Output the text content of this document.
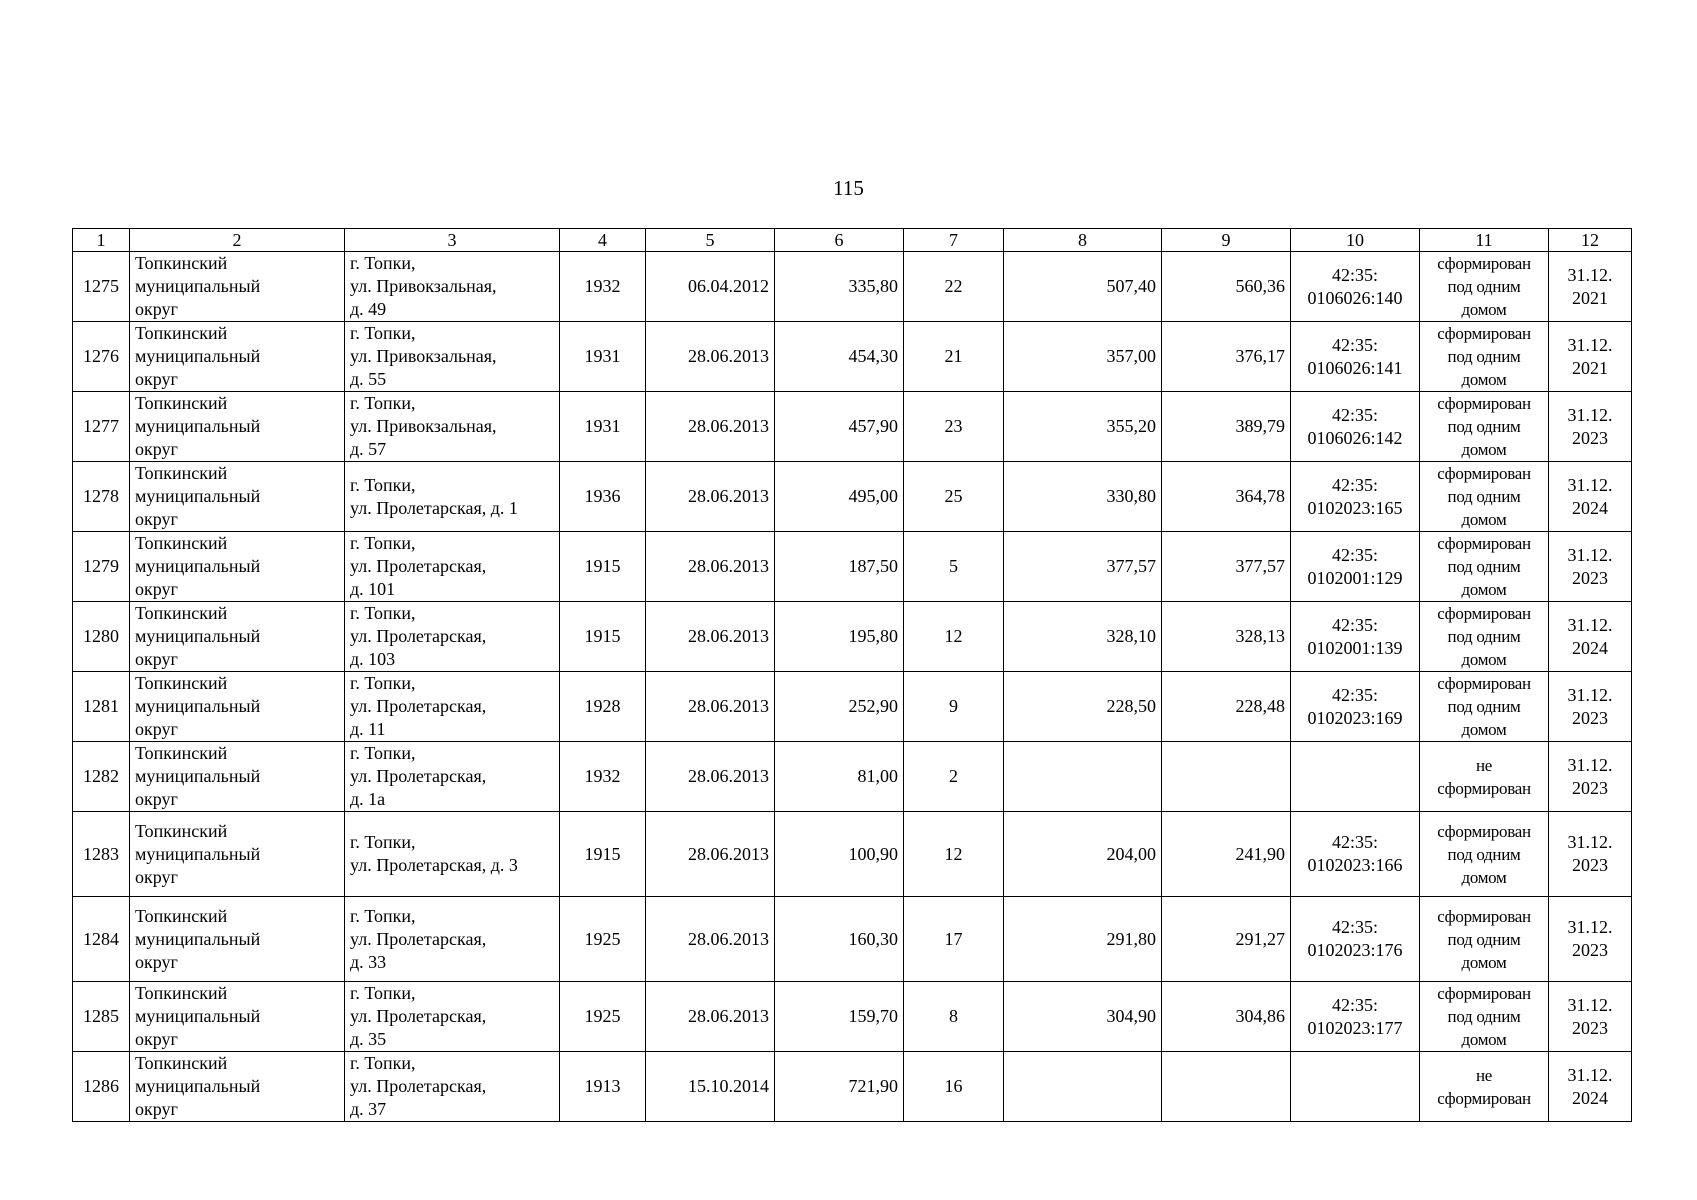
115
1	2	3	4	5	6	7	8	9	10	11	12
1275	Топкинский
муниципальный
округ	г. Топки,
ул. Привокзальная,
д. 49	1932	06.04.2012	335,80	22	507,40	560,36	42:35:
0106026:140	сформирован
под одним
домом	31.12.
2021

1276	Топкинский
муниципальный
округ	г. Топки,
ул. Привокзальная,
д. 55	1931	28.06.2013	454,30	21	357,00	376,17	42:35:
0106026:141	сформирован
под одним
домом	31.12.
2021

1277	Топкинский
муниципальный
округ	г. Топки,
ул. Привокзальная,
д. 57	1931	28.06.2013	457,90	23	355,20	389,79	42:35:
0106026:142	сформирован
под одним
домом	31.12.
2023

1278	Топкинский
муниципальный
округ	г. Топки,
ул. Пролетарская, д. 1	1936	28.06.2013	495,00	25	330,80	364,78	42:35:
0102023:165	сформирован
под одним
домом	31.12.
2024

1279	Топкинский
муниципальный
округ	г. Топки,
ул. Пролетарская,
д. 101	1915	28.06.2013	187,50	5	377,57	377,57	42:35:
0102001:129	сформирован
под одним
домом	31.12.
2023

1280	Топкинский
муниципальный
округ	г. Топки,
ул. Пролетарская,
д. 103	1915	28.06.2013	195,80	12	328,10	328,13	42:35:
0102001:139	сформирован
под одним
домом	31.12.
2024

1281	Топкинский
муниципальный
округ	г. Топки,
ул. Пролетарская,
д. 11	1928	28.06.2013	252,90	9	228,50	228,48	42:35:
0102023:169	сформирован
под одним
домом	31.12.
2023

1282	Топкинский
муниципальный
округ	г. Топки,
ул. Пролетарская,
д. 1а	1932	28.06.2013	81,00	2				не
сформирован	31.12.
2023

1283	Топкинский
муниципальный
округ	г. Топки,
ул. Пролетарская, д. 3	1915	28.06.2013	100,90	12	204,00	241,90	42:35:
0102023:166	сформирован
под одним
домом	31.12.
2023

1284	Топкинский
муниципальный
округ	г. Топки,
ул. Пролетарская,
д. 33	1925	28.06.2013	160,30	17	291,80	291,27	42:35:
0102023:176	сформирован
под одним
домом	31.12.
2023

1285	Топкинский
муниципальный
округ	г. Топки,
ул. Пролетарская,
д. 35	1925	28.06.2013	159,70	8	304,90	304,86	42:35:
0102023:177	сформирован
под одним
домом	31.12.
2023

1286	Топкинский
муниципальный
округ	г. Топки,
ул. Пролетарская,
д. 37	1913	15.10.2014	721,90	16				не
сформирован	31.12.
2024
